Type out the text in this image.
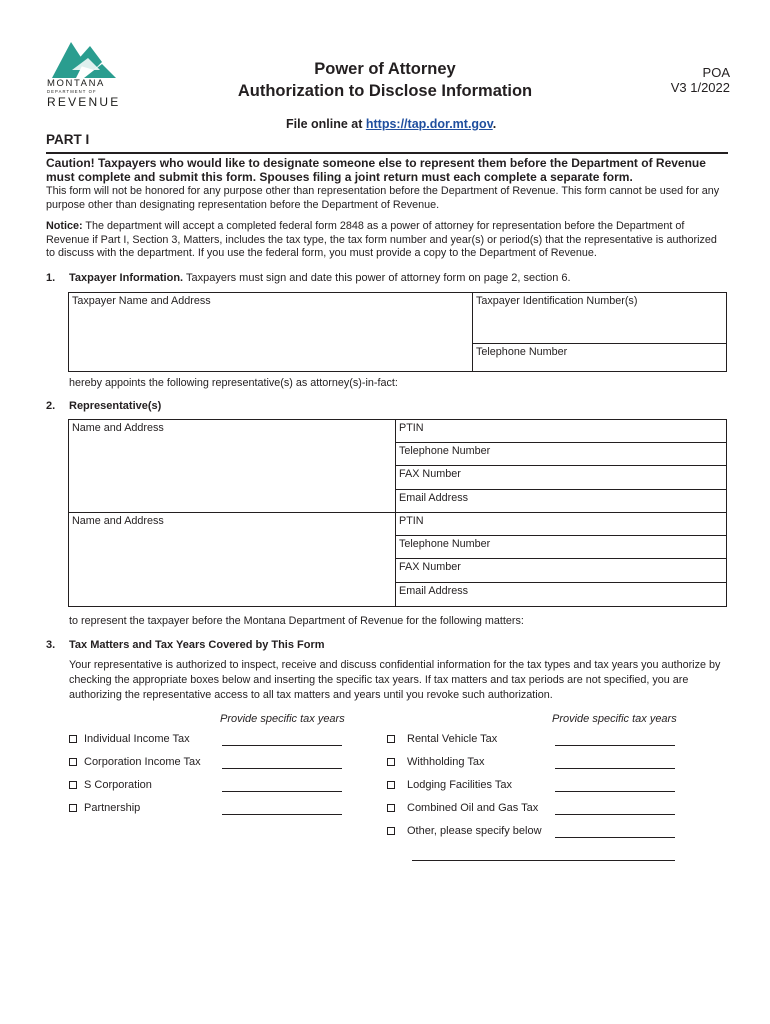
MONTANA
DEPARTMENT OF
REVENUE
Power of Attorney
Authorization to Disclose Information
POA
V3 1/2022
File online at https://tap.dor.mt.gov.
PART I
Caution! Taxpayers who would like to designate someone else to represent them before the Department of Revenue must complete and submit this form. Spouses filing a joint return must each complete a separate form.
This form will not be honored for any purpose other than representation before the Department of Revenue. This form cannot be used for any purpose other than designating representation before the Department of Revenue.
Notice: The department will accept a completed federal form 2848 as a power of attorney for representation before the Department of Revenue if Part I, Section 3, Matters, includes the tax type, the tax form number and year(s) or period(s) that the representative is authorized to discuss with the department. If you use the federal form, you must provide a copy to the Department of Revenue.
1. Taxpayer Information. Taxpayers must sign and date this power of attorney form on page 2, section 6.
Taxpayer Name and Address	Taxpayer Identification Number(s)
Telephone Number
hereby appoints the following representative(s) as attorney(s)-in-fact:
2. Representative(s)
Name and Address	PTIN
Telephone Number
FAX Number
Email Address
Name and Address	PTIN
Telephone Number
FAX Number
Email Address
to represent the taxpayer before the Montana Department of Revenue for the following matters:
3. Tax Matters and Tax Years Covered by This Form
Your representative is authorized to inspect, receive and discuss confidential information for the tax types and tax years you authorize by checking the appropriate boxes below and inserting the specific tax years. If tax matters and tax periods are not specified, you are authorizing the representative access to all tax matters and years until you revoke such authorization.
Provide specific tax years	Provide specific tax years
Individual Income Tax
Corporation Income Tax
S Corporation
Partnership
Rental Vehicle Tax
Withholding Tax
Lodging Facilities Tax
Combined Oil and Gas Tax
Other, please specify below
